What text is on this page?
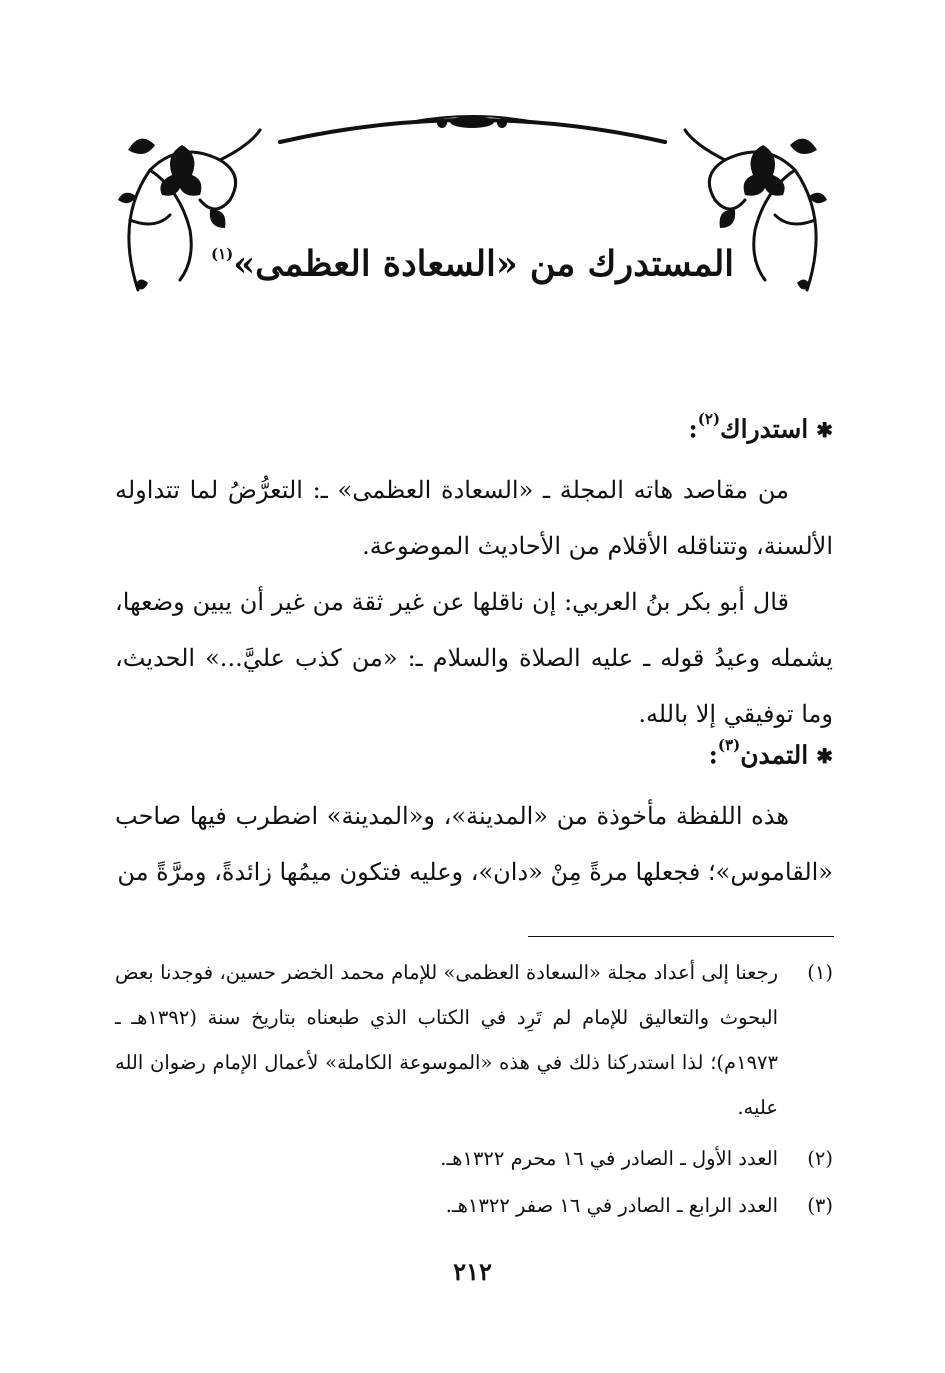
المستدرك من «السعادة العظمى»$^{(١)}$
✱استدراك$^{(٢)}$:
من مقاصد هاته المجلة ـ «السعادة العظمى» ـ: التعرُّضُ لما تتداوله الألسنة، وتتناقله الأقلام من الأحاديث الموضوعة.
قال أبو بكر بنُ العربي: إن ناقلها عن غير ثقة من غير أن يبين وضعها، يشمله وعيدُ قوله ـ عليه الصلاة والسلام ـ: «من كذب عليَّ...» الحديث، وما توفيقي إلا بالله.
✱التمدن$^{(٣)}$:
هذه اللفظة مأخوذة من «المدينة»، و«المدينة» اضطرب فيها صاحب «القاموس»؛ فجعلها مرةً مِنْ «دان»، وعليه فتكون ميمُها زائدةً، ومرَّةً من
(١)
رجعنا إلى أعداد مجلة «السعادة العظمى» للإمام محمد الخضر حسين، فوجدنا بعض البحوث والتعاليق للإمام لم تَرِد في الكتاب الذي طبعناه بتاريخ سنة (١٣٩٢هـ ـ ١٩٧٣م)؛ لذا استدركنا ذلك في هذه «الموسوعة الكاملة» لأعمال الإمام رضوان الله عليه.
(٢)
العدد الأول ـ الصادر في ١٦ محرم ١٣٢٢هـ.
(٣)
العدد الرابع ـ الصادر في ١٦ صفر ١٣٢٢هـ.
٢١٢
